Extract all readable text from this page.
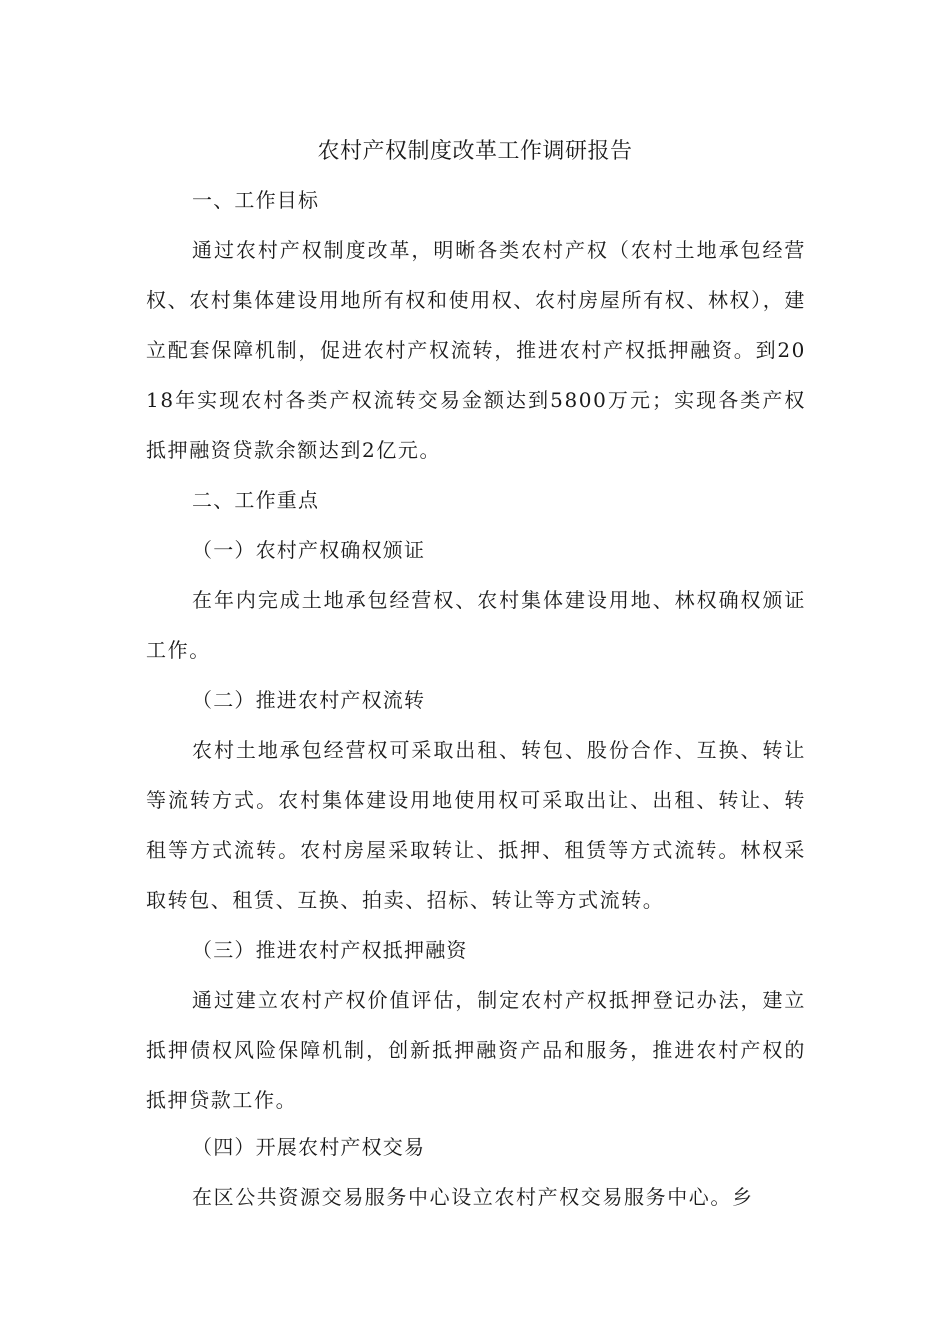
农村产权制度改革工作调研报告
一、工作目标

通过农村产权制度改革，明晰各类农村产权（农村土地承包经营权、农村集体建设用地所有权和使用权、农村房屋所有权、林权），建立配套保障机制，促进农村产权流转，推进农村产权抵押融资。到2018年实现农村各类产权流转交易金额达到5800万元；实现各类产权抵押融资贷款余额达到2亿元。

二、工作重点
（一）农村产权确权颁证

在年内完成土地承包经营权、农村集体建设用地、林权确权颁证工作。

（二）推进农村产权流转

农村土地承包经营权可采取出租、转包、股份合作、互换、转让等流转方式。农村集体建设用地使用权可采取出让、出租、转让、转租等方式流转。农村房屋采取转让、抵押、租赁等方式流转。林权采取转包、租赁、互换、拍卖、招标、转让等方式流转。

（三）推进农村产权抵押融资

通过建立农村产权价值评估，制定农村产权抵押登记办法，建立抵押债权风险保障机制，创新抵押融资产品和服务，推进农村产权的抵押贷款工作。

（四）开展农村产权交易

在区公共资源交易服务中心设立农村产权交易服务中心。乡
